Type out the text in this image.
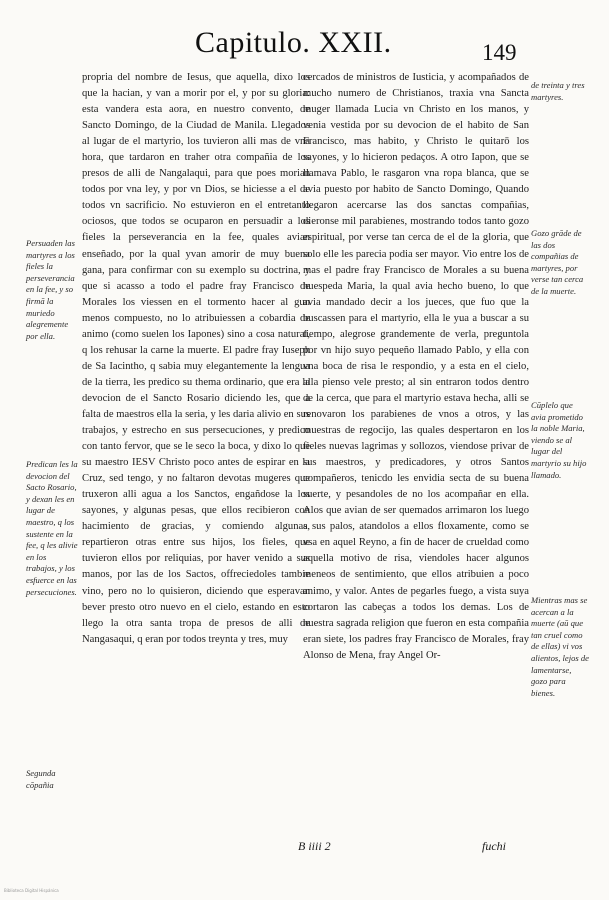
Capitulo. XXII.	149
Persuaden las martyres a los fieles la perseverancia en la fee, y so firmā la muriedo alegremente por ella.
Predican les la devocion del Sacto Rosario, y dexan les en lugar de maestro, q los sustente en la fee, q les alivie en los trabajos, y los esfuerce en las persecuciones.
Segunda cōpañia

propria del nombre de Iesus, que aquella, dixo los que la hacian, y van a morir por el, y por su gloria: esta vandera esta aora, en nuestro convento, de Sancto Domingo, de la Ciudad de Manila. Llegados al lugar de el martyrio, los tuvieron alli mas de vna hora, que tardaron en traher otra compañia de los presos de alli de Nangalaqui, para que poes morian todos por vna ley, y por vn Dios, se hiciesse a el de todos vn sacrificio. No estuvieron en el entretanto ociosos, que todos se ocuparon en persuadir a los fieles la perseverancia en la fee, quales avian enseñado, por la qual yvan amorir de muy buena gana, para confirmar con su exemplo su doctrina, y que si acasso a todo el padre fray Francisco de Morales los viessen en el tormento hacer al gun menos compuesto, no lo atribuiessen a cobardia de animo (como suelen los Iapones) sino a cosa natural, q los rehusar la carne la muerte. El padre fray Iuseph de Sa Iacintho, q sabia muy elegantemente la lengua de la tierra, les predico su thema ordinario, que era la devocion de el Sancto Rosario diciendo les, que a falta de maestros ella la seria, y les daria alivio en sus trabajos, y estrecho en sus persecuciones, y predico con tanto fervor, que se le seco la boca, y dixo lo que su maestro IESV Christo poco antes de espirar en la Cruz, sed tengo, y no faltaron devotas mugeres que truxeron alli agua a los Sanctos, engañdose la los sayones, y algunas pesas, que ellos recibieron con hacimiento de gracias, y comiendo algunas, repartieron otras entre sus hijos, los fieles, que tuvieron ellos por reliquias, por haver venido a sus manos, por las de los Sactos, offreciedoles tambie vino, pero no lo quisieron, diciendo que esperavan bever presto otro nuevo en el cielo, estando en esto llego la otra santa tropa de presos de alli de Nangasaqui, q eran por todos treynta y tres, muy

cercados de ministros de Iusticia, y acompañados de mucho numero de Christianos, traxia vna Sancta muger llamada Lucia vn Christo en los manos, y venia vestida por su devocion de el habito de San Francisco, mas habito, y Christo le quitarō los sayones, y lo hicieron pedaços. A otro Iapon, que se llamava Pablo, le rasgaron vna ropa blanca, que se avia puesto por habito de Sancto Domingo, Quando llegaron acercarse las dos sanctas compañias, dieronse mil parabienes, mostrando todos tanto gozo espiritual, por verse tan cerca de el de la gloria, que solo elle les parecia podia ser mayor. Vio entre los de mas el padre fray Francisco de Morales a su buena huespeda Maria, la qual avia hecho bueno, lo que avia mandado decir a los jueces, que fuo que la buscassen para el martyrio, ella le yua a buscar a su tiempo, alegrose grandemente de verla, preguntola por vn hijo suyo pequeño llamado Pablo, y ella con vna boca de risa le respondio, y a esta en el cielo, alla pienso vele presto; al sin entraron todos dentro de la cerca, que para el martyrio estava hecha, alli se renovaron los parabienes de vnos a otros, y las muestras de regocijo, las quales despertaron en los fieles nuevas lagrimas y sollozos, viendose privar de sus maestros, y predicadores, y otros Santos compañeros, tenicdo les envidia secta de su buena suerte, y pesandoles de no los acompañar en ella. Alos que avian de ser quemados arrimaron los luego a sus palos, atandolos a ellos floxamente, como se vsa en aquel Reyno, a fin de hacer de crueldad como aquella motivo de risa, viendoles hacer algunos meneos de sentimiento, que ellos atribuien a poco animo, y valor. Antes de pegarles fuego, a vista suya cortaron las cabeças a todos los demas. Los de nuestra sagrada religion que fueron en esta compañia eran siete, los padres fray Francisco de Morales, fray Alonso de Mena, fray Angel Or-

de treinta y tres martyres.
Gozo grāde de las dos compañias de martyres, por verse tan cerca de la muerte.
Cūplelo que avia prometido la noble Maria, viendo se al lugar del martyrio su hijo llamado.
Mientras mas se acercan a la muerte (aū que tan cruel como de ellas) vi vos alientos, lejos de lamentarse, gozo para bienes.
B iiii 2	fuchi
Biblioteca Digital Hispánica
